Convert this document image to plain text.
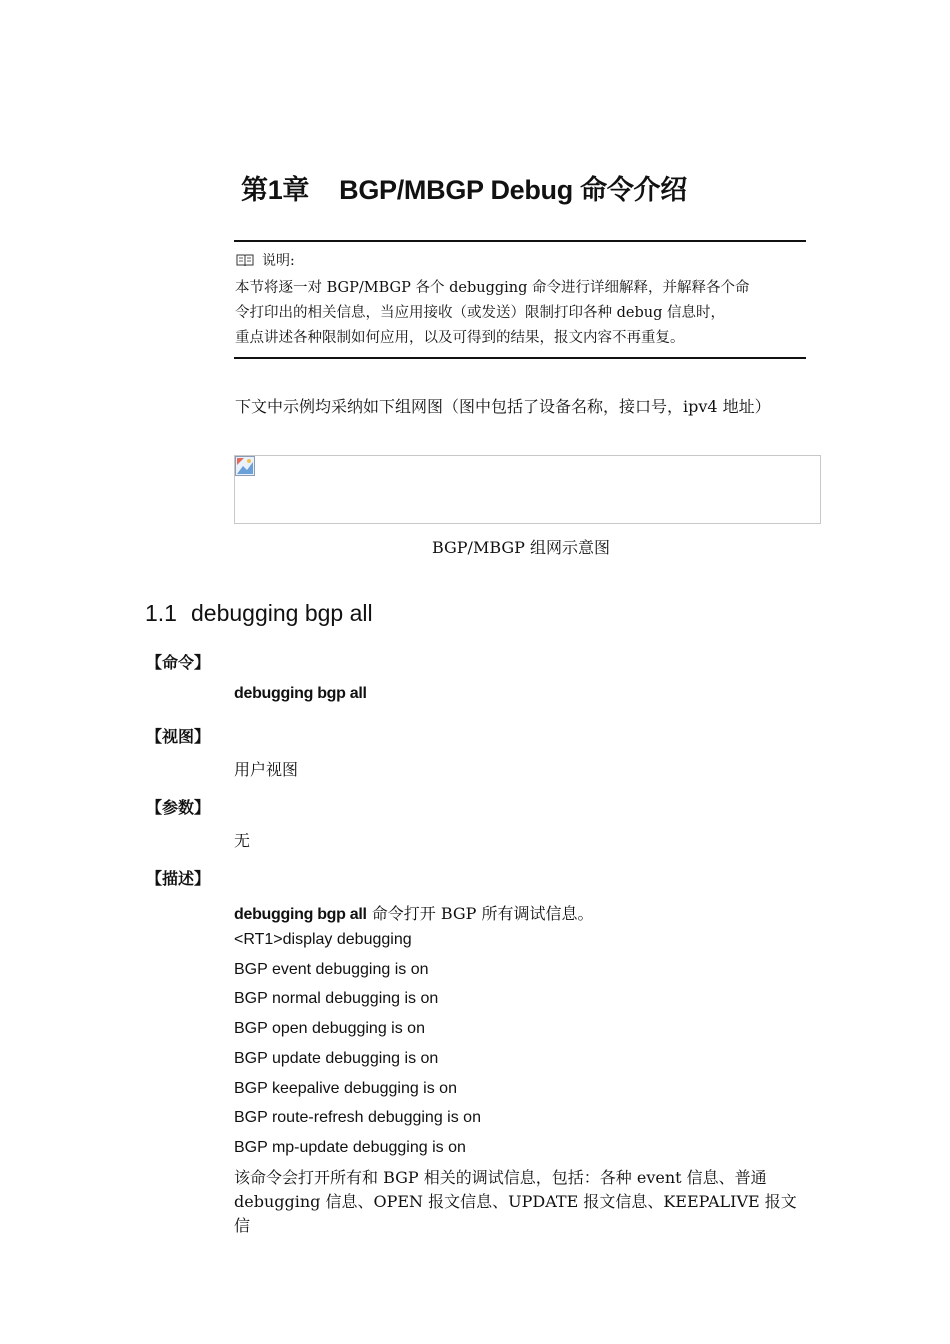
第1章 BGP/MBGP Debug 命令介绍
说明:
本节将逐一对 BGP/MBGP 各个 debugging 命令进行详细解释，并解释各个命
令打印出的相关信息，当应用接收（或发送）限制打印各种 debug 信息时，
重点讲述各种限制如何应用，以及可得到的结果，报文内容不再重复。
下文中示例均采纳如下组网图（图中包括了设备名称，接口号，ipv4 地址）
BGP/MBGP 组网示意图
1.1 debugging bgp all
【命令】
debugging bgp all
【视图】
用户视图
【参数】
无
【描述】
debugging bgp all 命令打开 BGP 所有调试信息。
<RT1>display debugging
BGP event debugging is on
BGP normal debugging is on
BGP open debugging is on
BGP update debugging is on
BGP keepalive debugging is on
BGP route-refresh debugging is on
BGP mp-update debugging is on
该命令会打开所有和 BGP 相关的调试信息，包括：各种 event 信息、普通
debugging 信息、OPEN 报文信息、UPDATE 报文信息、KEEPALIVE 报文信
